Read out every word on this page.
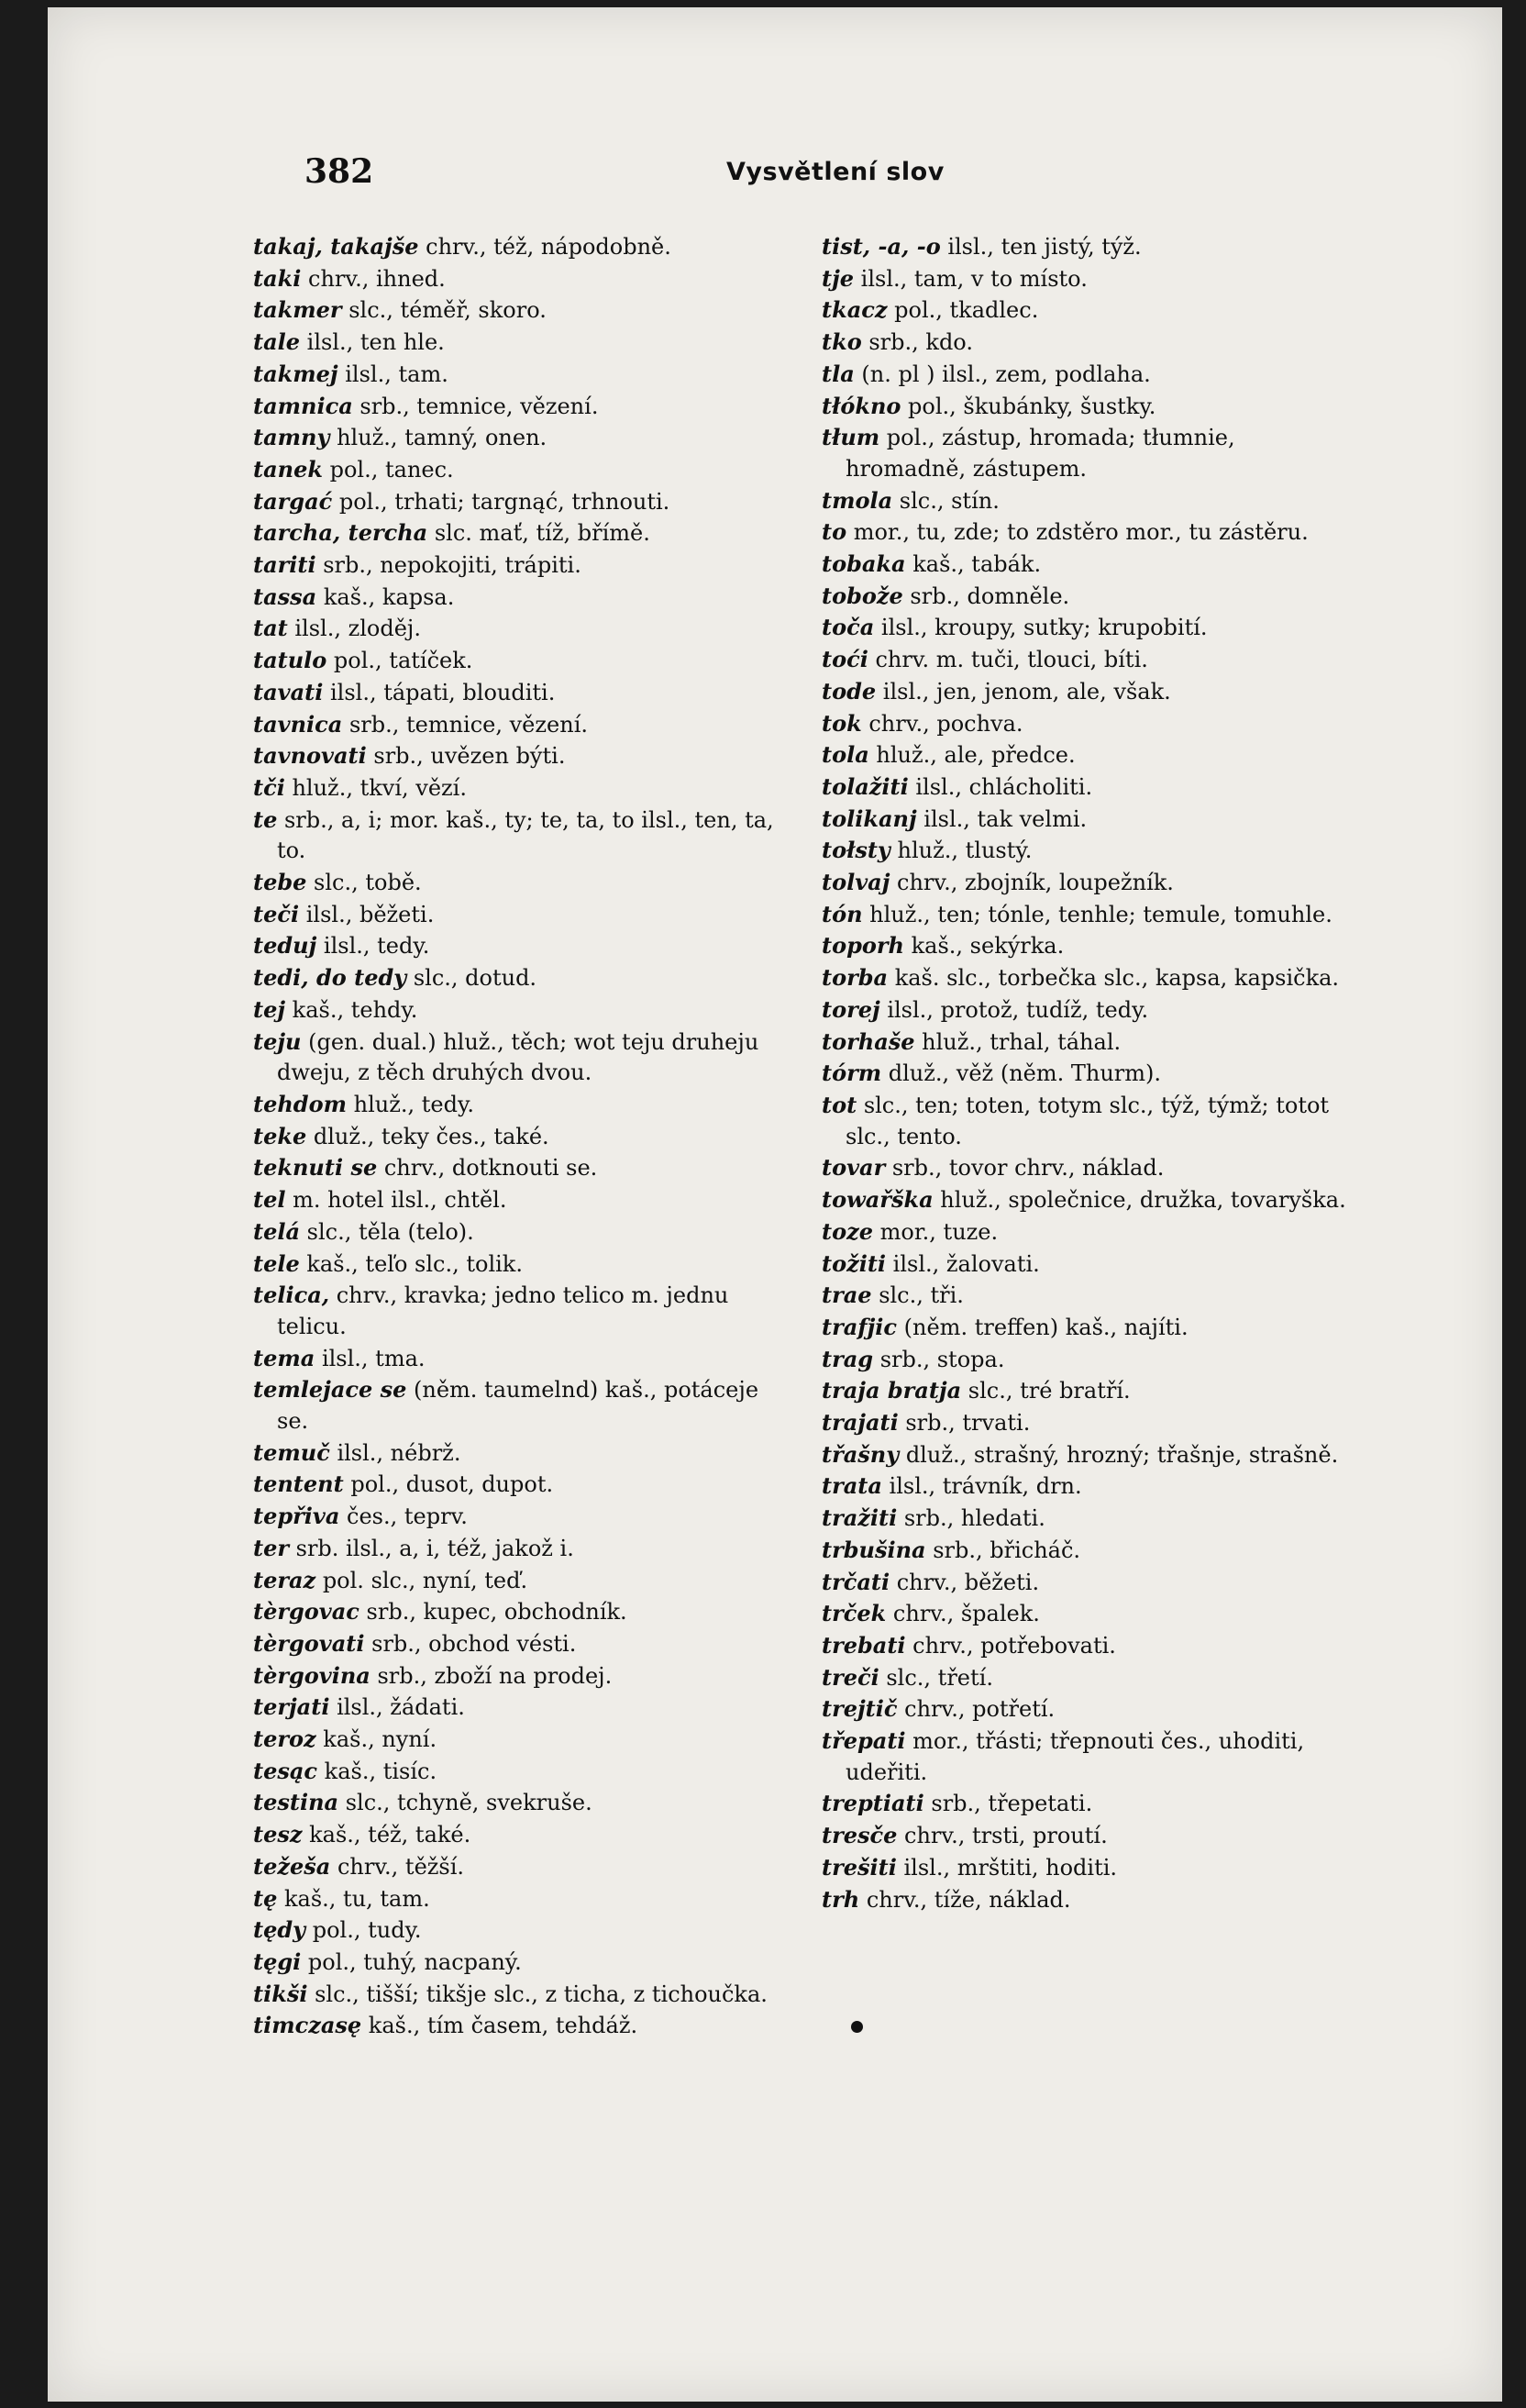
382	Vysvětlení slov

takaj, takajše chrv., též, nápodobně.

taki chrv., ihned.

takmer slc., téměř, skoro.

tale ilsl., ten hle.

takmej ilsl., tam.

tamnica srb., temnice, vězení.

tamny hluž., tamný, onen.

tanek pol., tanec.

targać pol., trhati; targnąć, trhnouti.

tarcha, tercha slc. mať, tíž, břímě.

tariti srb., nepokojiti, trápiti.

tassa kaš., kapsa.

tat ilsl., zloděj.

tatulo pol., tatíček.

tavati ilsl., tápati, blouditi.

tavnica srb., temnice, vězení.

tavnovati srb., uvězen býti.

tči hluž., tkví, vězí.

te srb., a, i; mor. kaš., ty; te, ta, to ilsl., ten, ta, to.

tebe slc., tobě.

teči ilsl., běžeti.

teduj ilsl., tedy.

tedi, do tedy slc., dotud.

tej kaš., tehdy.

teju (gen. dual.) hluž., těch; wot teju druheju dweju, z těch druhých dvou.

tehdom hluž., tedy.

teke dluž., teky čes., také.

teknuti se chrv., dotknouti se.

tel m. hotel ilsl., chtěl.

telá slc., těla (telo).

tele kaš., teľo slc., tolik.

telica, chrv., kravka; jedno telico m. jednu telicu.

tema ilsl., tma.

temlejace se (něm. taumelnd) kaš., potáceje se.

temuč ilsl., nébrž.

tentent pol., dusot, dupot.

tepřiva čes., teprv.

ter srb. ilsl., a, i, též, jakož i.

teraz pol. slc., nyní, teď.

tèrgovac srb., kupec, obchodník.

tèrgovati srb., obchod vésti.

tèrgovina srb., zboží na prodej.

terjati ilsl., žádati.

teroz kaš., nyní.

tesąc kaš., tisíc.

testina slc., tchyně, svekruše.

tesz kaš., též, také.

težeša chrv., těžší.

tę kaš., tu, tam.

tędy pol., tudy.

tęgi pol., tuhý, nacpaný.

tikši slc., tišší; tikšje slc., z ticha, z tichoučka.

timczasę kaš., tím časem, tehdáž.

tist, -a, -o ilsl., ten jistý, týž.

tje ilsl., tam, v to místo.

tkacz pol., tkadlec.

tko srb., kdo.

tla (n. pl ) ilsl., zem, podlaha.

tłókno pol., škubánky, šustky.

tłum pol., zástup, hromada; tłumnie, hromadně, zástupem.

tmola slc., stín.

to mor., tu, zde; to zdstěro mor., tu zástěru.

tobaka kaš., tabák.

tobože srb., domněle.

toča ilsl., kroupy, sutky; krupobití.

toći chrv. m. tuči, tlouci, bíti.

tode ilsl., jen, jenom, ale, však.

tok chrv., pochva.

tola hluž., ale, předce.

tolažiti ilsl., chlácholiti.

tolikanj ilsl., tak velmi.

tołsty hluž., tlustý.

tolvaj chrv., zbojník, loupežník.

tón hluž., ten; tónle, tenhle; temule, tomuhle.

toporh kaš., sekýrka.

torba kaš. slc., torbečka slc., kapsa, kapsička.

torej ilsl., protož, tudíž, tedy.

torhaše hluž., trhal, táhal.

tórm dluž., věž (něm. Thurm).

tot slc., ten; toten, totym slc., týž, týmž; totot slc., tento.

tovar srb., tovor chrv., náklad.

towařška hluž., společnice, družka, tovaryška.

toze mor., tuze.

tožiti ilsl., žalovati.

trae slc., tři.

trafjic (něm. treffen) kaš., najíti.

trag srb., stopa.

traja bratja slc., tré bratří.

trajati srb., trvati.

třašny dluž., strašný, hrozný; třašnje, strašně.

trata ilsl., trávník, drn.

tražiti srb., hledati.

trbušina srb., břicháč.

trčati chrv., běžeti.

trček chrv., špalek.

trebati chrv., potřebovati.

treči slc., třetí.

trejtič chrv., potřetí.

třepati mor., třásti; třepnouti čes., uhoditi, udeřiti.

treptiati srb., třepetati.

tresče chrv., trsti, proutí.

trešiti ilsl., mrštiti, hoditi.

trh chrv., tíže, náklad.
